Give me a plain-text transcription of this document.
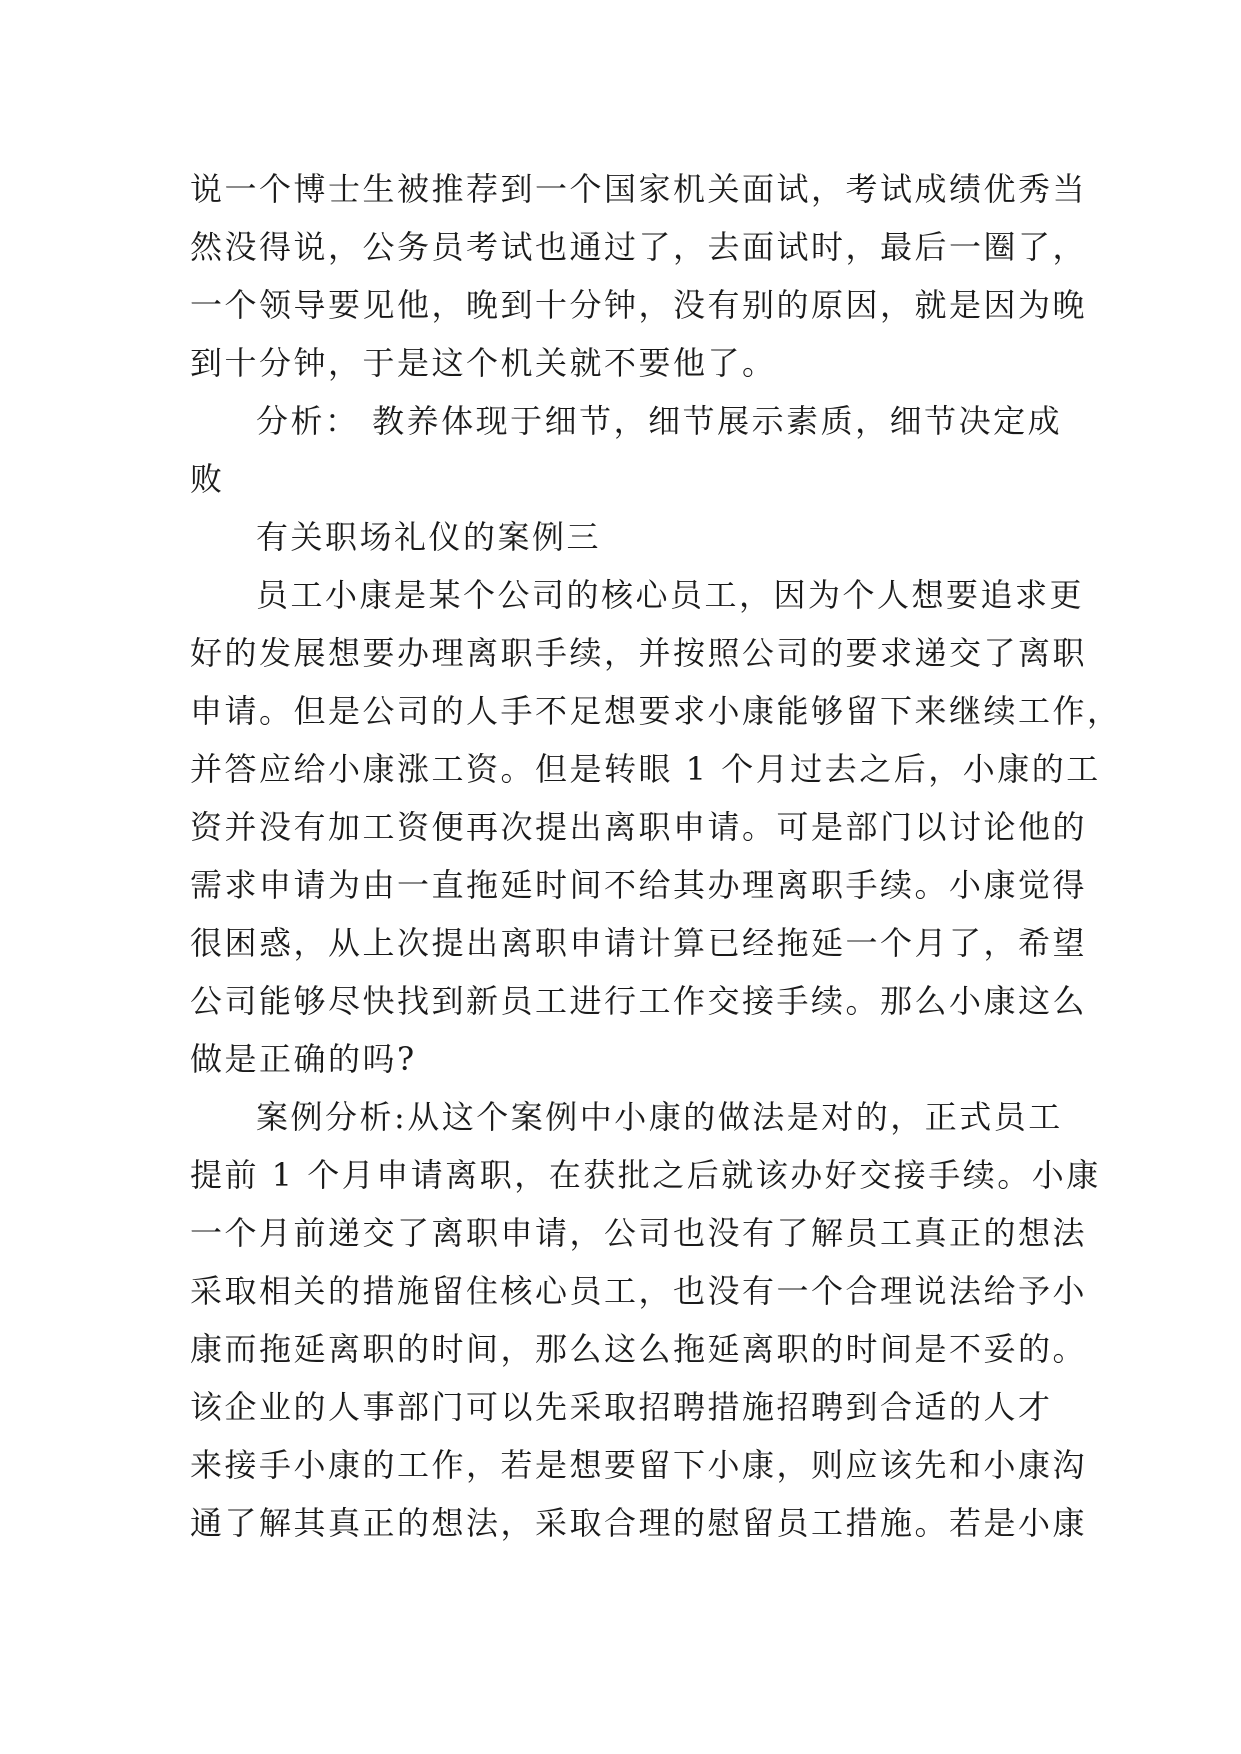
说一个博士生被推荐到一个国家机关面试，考试成绩优秀当
然没得说，公务员考试也通过了，去面试时，最后一圈了，
一个领导要见他，晚到十分钟，没有别的原因，就是因为晚
到十分钟，于是这个机关就不要他了。
分析： 教养体现于细节，细节展示素质，细节决定成
败
有关职场礼仪的案例三
员工小康是某个公司的核心员工，因为个人想要追求更
好的发展想要办理离职手续，并按照公司的要求递交了离职
申请。但是公司的人手不足想要求小康能够留下来继续工作，
并答应给小康涨工资。但是转眼 1 个月过去之后，小康的工
资并没有加工资便再次提出离职申请。可是部门以讨论他的
需求申请为由一直拖延时间不给其办理离职手续。小康觉得
很困惑，从上次提出离职申请计算已经拖延一个月了，希望
公司能够尽快找到新员工进行工作交接手续。那么小康这么
做是正确的吗?
案例分析:从这个案例中小康的做法是对的，正式员工
提前 1 个月申请离职，在获批之后就该办好交接手续。小康
一个月前递交了离职申请，公司也没有了解员工真正的想法
采取相关的措施留住核心员工，也没有一个合理说法给予小
康而拖延离职的时间，那么这么拖延离职的时间是不妥的。
该企业的人事部门可以先采取招聘措施招聘到合适的人才
来接手小康的工作，若是想要留下小康，则应该先和小康沟
通了解其真正的想法，采取合理的慰留员工措施。若是小康
